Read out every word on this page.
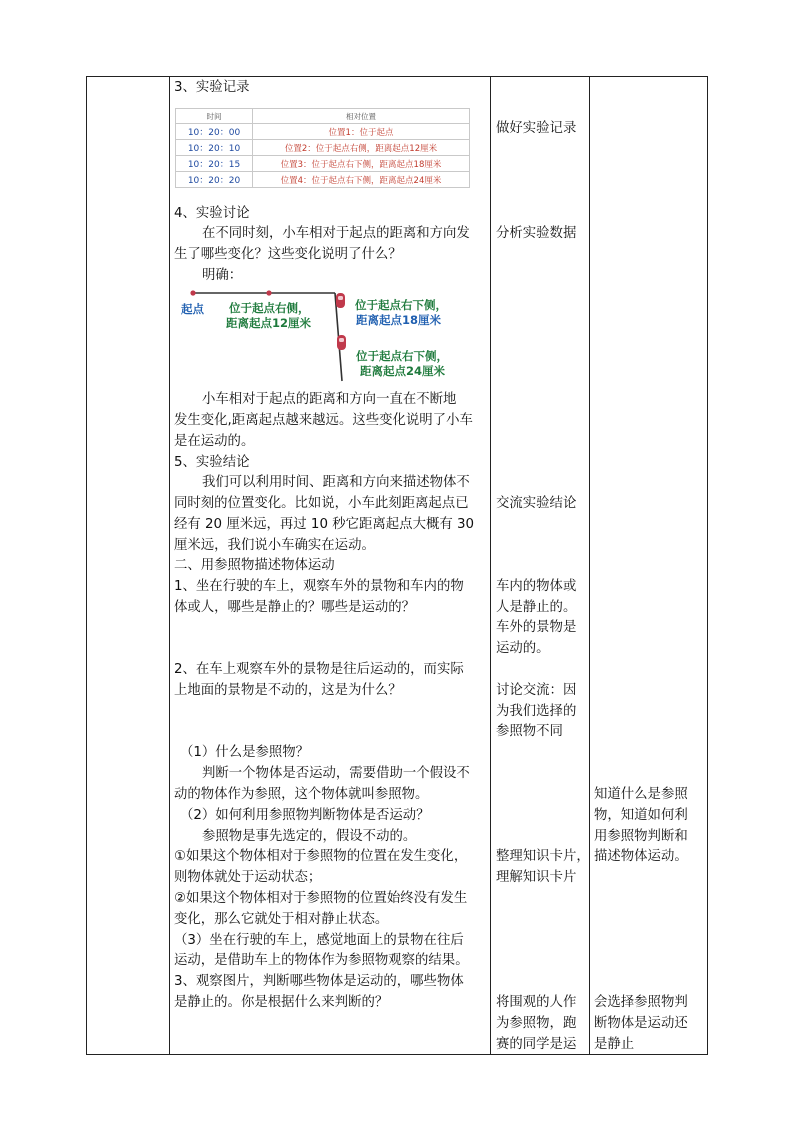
3、实验记录
时间	相对位置
10：20：00	位置1：位于起点
10：20：10	位置2：位于起点右侧，距离起点12厘米
10：20：15	位置3：位于起点右下侧，距离起点18厘米
10：20：20	位置4：位于起点右下侧，距离起点24厘米
4、实验讨论
在不同时刻，小车相对于起点的距离和方向发
生了哪些变化？这些变化说明了什么？
明确：
起点 位于起点右侧，
距离起点12厘米
位于起点右下侧，
距离起点18厘米
位于起点右下侧，
距离起点24厘米
小车相对于起点的距离和方向一直在不断地
发生变化,距离起点越来越远。这些变化说明了小车
是在运动的。
5、实验结论
我们可以利用时间、距离和方向来描述物体不
同时刻的位置变化。比如说，小车此刻距离起点已
经有 20 厘米远，再过 10 秒它距离起点大概有 30
厘米远，我们说小车确实在运动。
二、用参照物描述物体运动
1、坐在行驶的车上，观察车外的景物和车内的物
体或人，哪些是静止的？哪些是运动的？
2、在车上观察车外的景物是往后运动的，而实际
上地面的景物是不动的，这是为什么？
（1）什么是参照物？
判断一个物体是否运动，需要借助一个假设不
动的物体作为参照，这个物体就叫参照物。
（2）如何利用参照物判断物体是否运动？
参照物是事先选定的，假设不动的。
①如果这个物体相对于参照物的位置在发生变化，
则物体就处于运动状态；
②如果这个物体相对于参照物的位置始终没有发生
变化，那么它就处于相对静止状态。
（3）坐在行驶的车上，感觉地面上的景物在往后
运动，是借助车上的物体作为参照物观察的结果。
3、观察图片，判断哪些物体是运动的，哪些物体
是静止的。你是根据什么来判断的？
做好实验记录
分析实验数据
交流实验结论
车内的物体或
人是静止的。
车外的景物是
运动的。
讨论交流：因
为我们选择的
参照物不同
整理知识卡片，
理解知识卡片
将围观的人作
为参照物，跑
赛的同学是运
知道什么是参照
物，知道如何利
用参照物判断和
描述物体运动。
会选择参照物判
断物体是运动还
是静止
